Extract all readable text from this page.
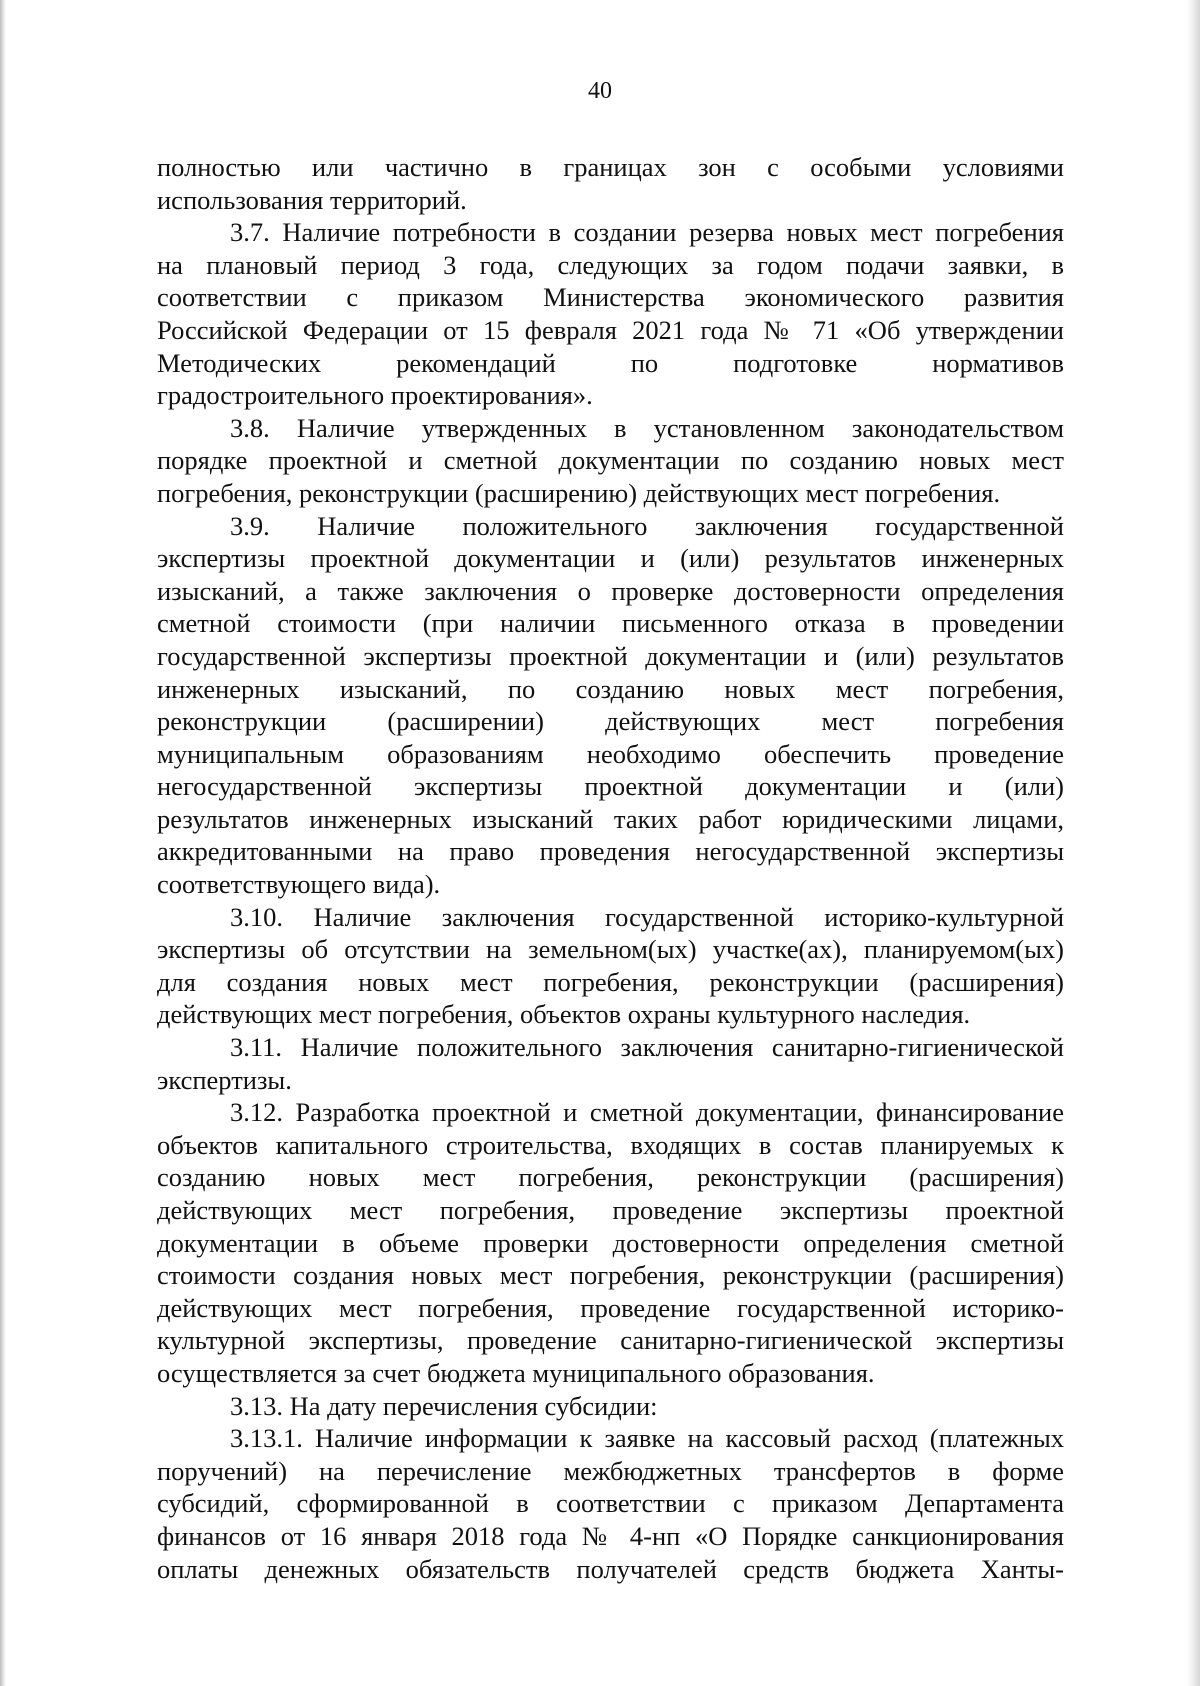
40
полностью или частично в границах зон с особыми условиями
использования территорий.
3.7. Наличие потребности в создании резерва новых мест погребения
на плановый период 3 года, следующих за годом подачи заявки, в
соответствии с приказом Министерства экономического развития
Российской Федерации от 15 февраля 2021 года № 71 «Об утверждении
Методических рекомендаций по подготовке нормативов
градостроительного проектирования».
3.8. Наличие утвержденных в установленном законодательством
порядке проектной и сметной документации по созданию новых мест
погребения, реконструкции (расширению) действующих мест погребения.
3.9. Наличие положительного заключения государственной
экспертизы проектной документации и (или) результатов инженерных
изысканий, а также заключения о проверке достоверности определения
сметной стоимости (при наличии письменного отказа в проведении
государственной экспертизы проектной документации и (или) результатов
инженерных изысканий, по созданию новых мест погребения,
реконструкции (расширении) действующих мест погребения
муниципальным образованиям необходимо обеспечить проведение
негосударственной экспертизы проектной документации и (или)
результатов инженерных изысканий таких работ юридическими лицами,
аккредитованными на право проведения негосударственной экспертизы
соответствующего вида).
3.10. Наличие заключения государственной историко-культурной
экспертизы об отсутствии на земельном(ых) участке(ах), планируемом(ых)
для создания новых мест погребения, реконструкции (расширения)
действующих мест погребения, объектов охраны культурного наследия.
3.11. Наличие положительного заключения санитарно-гигиенической
экспертизы.
3.12. Разработка проектной и сметной документации, финансирование
объектов капитального строительства, входящих в состав планируемых к
созданию новых мест погребения, реконструкции (расширения)
действующих мест погребения, проведение экспертизы проектной
документации в объеме проверки достоверности определения сметной
стоимости создания новых мест погребения, реконструкции (расширения)
действующих мест погребения, проведение государственной историко-
культурной экспертизы, проведение санитарно-гигиенической экспертизы
осуществляется за счет бюджета муниципального образования.
3.13. На дату перечисления субсидии:
3.13.1. Наличие информации к заявке на кассовый расход (платежных
поручений) на перечисление межбюджетных трансфертов в форме
субсидий, сформированной в соответствии с приказом Департамента
финансов от 16 января 2018 года № 4-нп «О Порядке санкционирования
оплаты денежных обязательств получателей средств бюджета Ханты-
